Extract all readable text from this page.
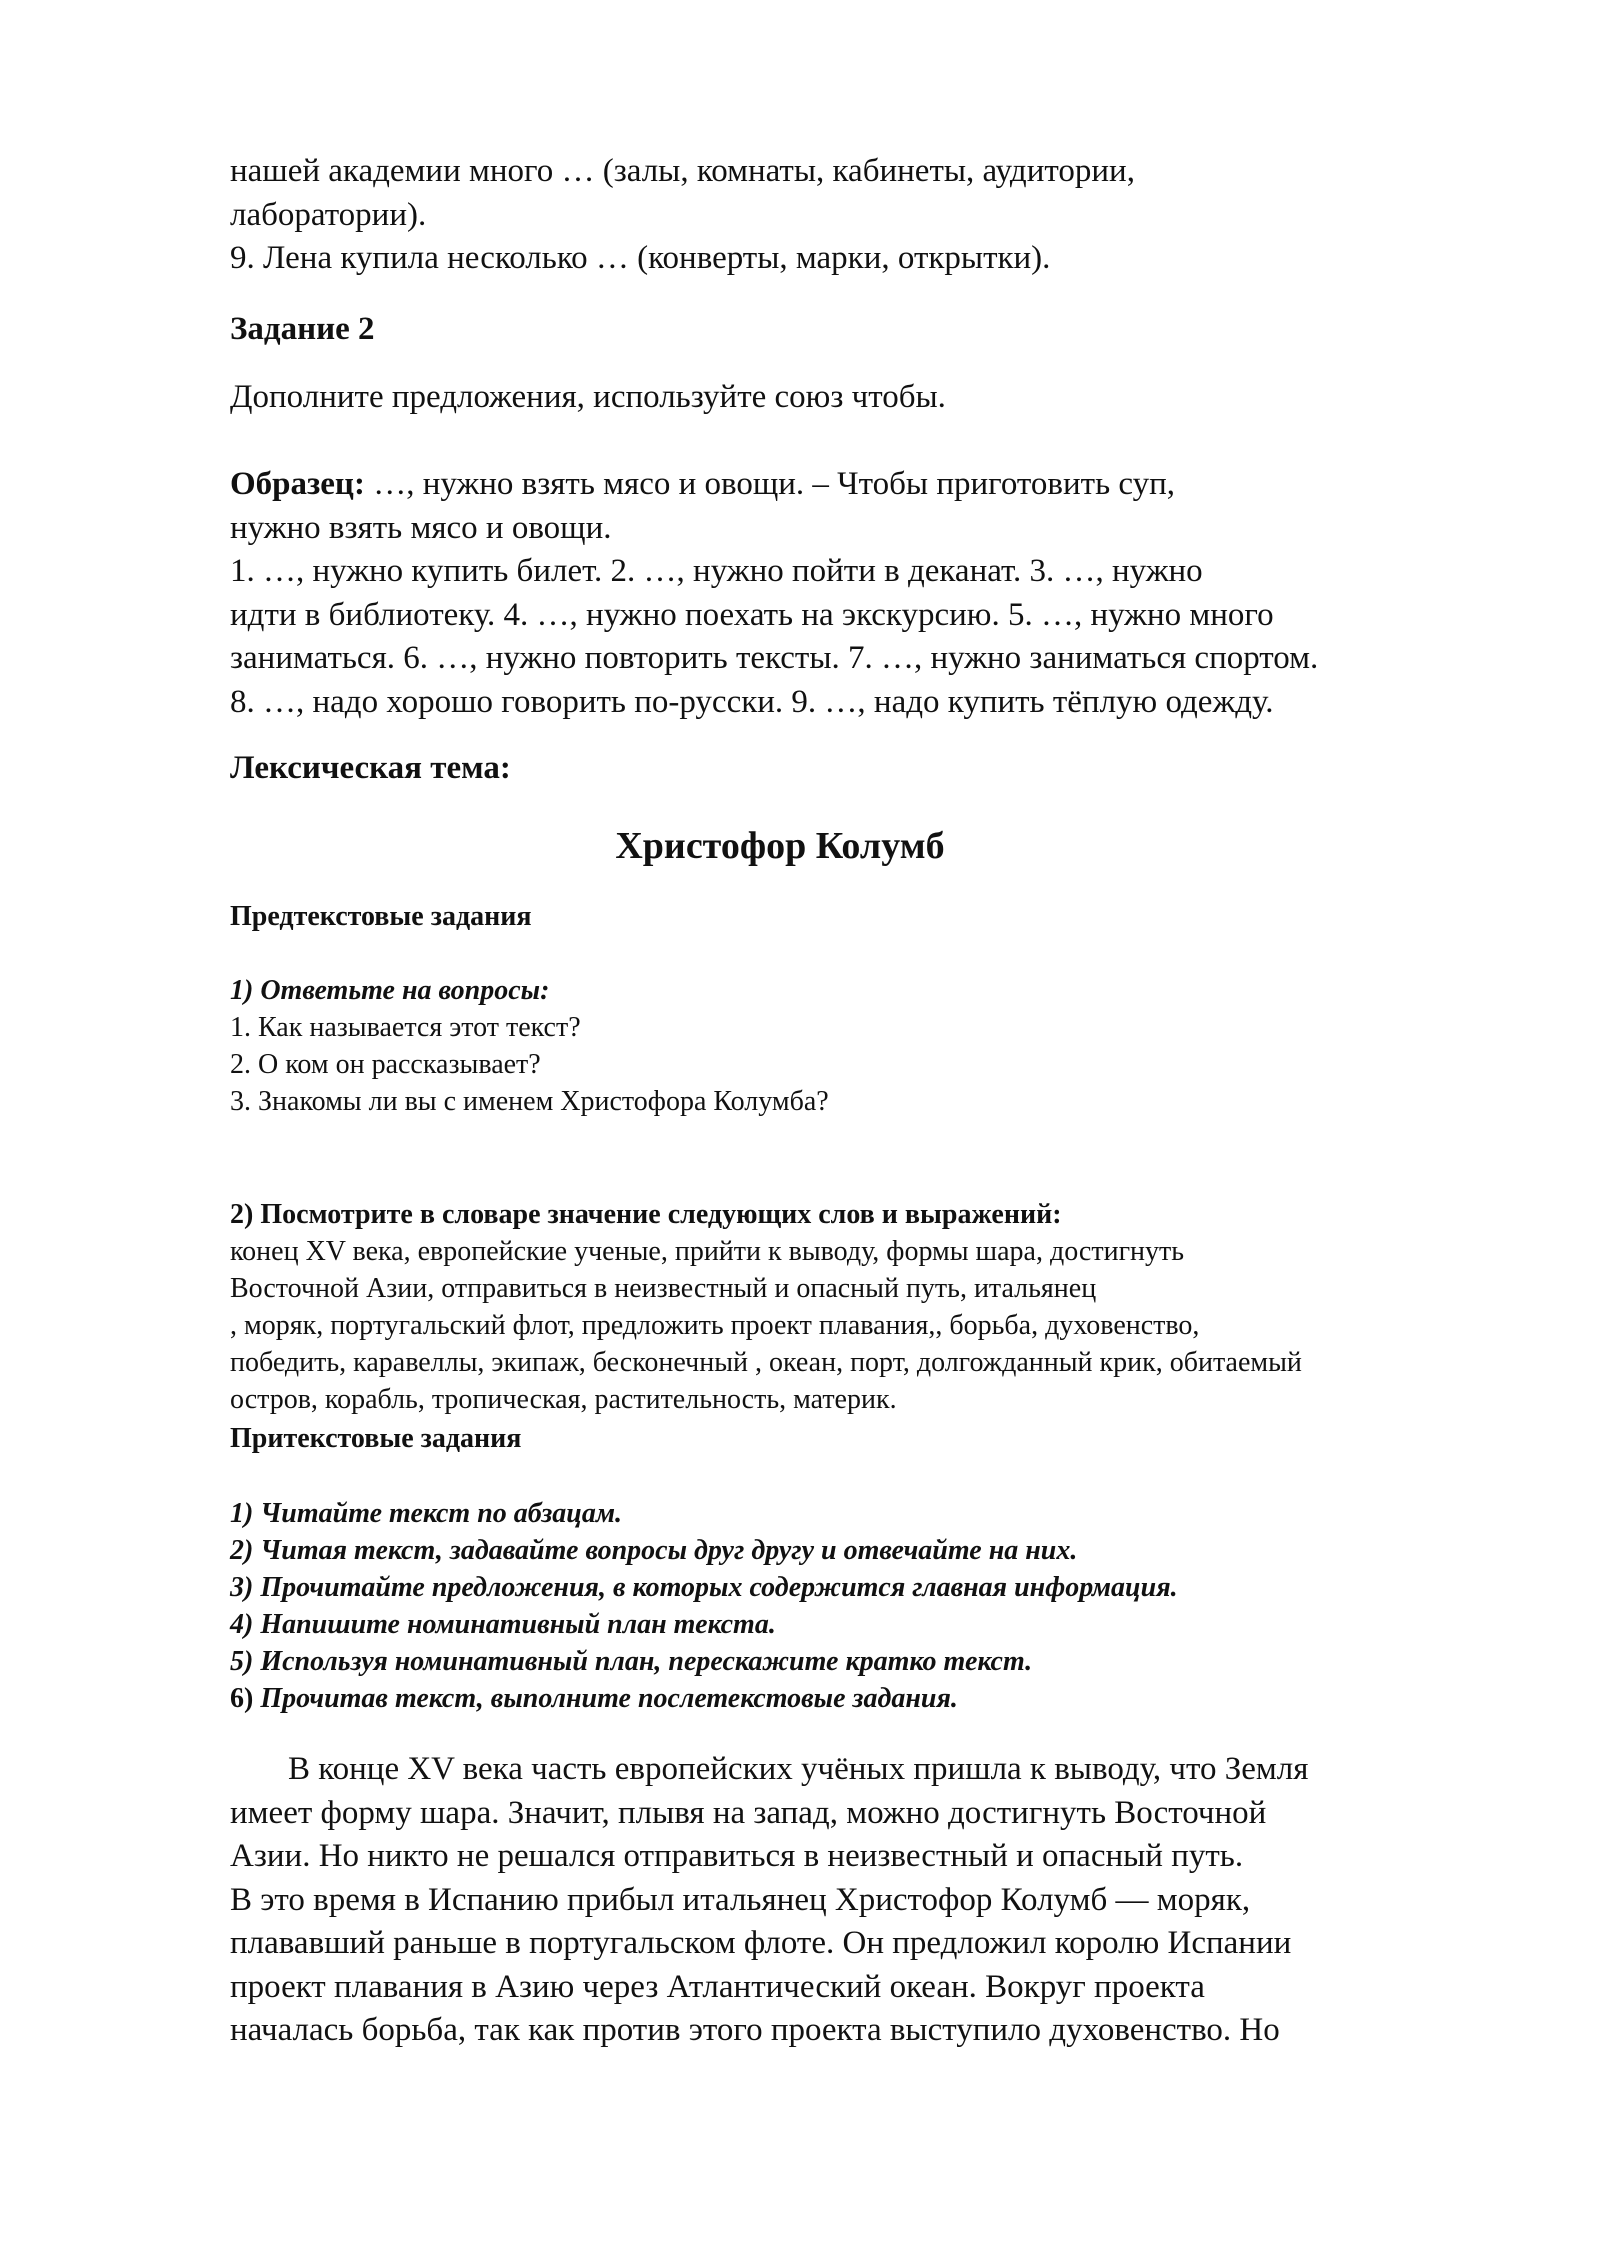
нашей академии много … (залы, комнаты, кабинеты, аудитории,

лаборатории).

9. Лена купила несколько … (конверты, марки, открытки).

Задание 2

Дополните предложения, используйте союз чтобы.

Образец: …, нужно взять мясо и овощи. – Чтобы приготовить суп,

нужно взять мясо и овощи.

1. …, нужно купить билет. 2. …, нужно пойти в деканат. 3. …, нужно

идти в библиотеку. 4. …, нужно поехать на экскурсию. 5. …, нужно много

заниматься. 6. …, нужно повторить тексты. 7. …, нужно заниматься спортом.

8. …, надо хорошо говорить по-русски. 9. …, надо купить тёплую одежду.

Лексическая тема:

Христофор Колумб

Предтекстовые задания

1) Ответьте на вопросы:

1. Как называется этот текст?

2. О ком он рассказывает?

3. Знакомы ли вы с именем Христофора Колумба?

2) Посмотрите в словаре значение следующих слов и выражений:

конец XV века, европейские ученые, прийти к выводу, формы шара, достигнуть

Восточной Азии, отправиться в неизвестный и опасный путь, итальянец

, моряк, португальский флот, предложить проект плавания,, борьба, духовенство,

победить, каравеллы, экипаж, бесконечный , океан, порт, долгожданный крик, обитаемый

остров, корабль, тропическая, растительность, материк.

Притекстовые задания

1) Читайте текст по абзацам.

2) Читая текст, задавайте вопросы друг другу и отвечайте на них.

3) Прочитайте предложения, в которых содержится главная информация.

4) Напишите номинативный план текста.

5) Используя номинативный план, перескажите кратко текст.

6) Прочитав текст, выполните послетекстовые задания.

В конце XV века часть европейских учёных пришла к выводу, что Земля

имеет форму шара. Значит, плывя на запад, можно достигнуть Восточной

Азии. Но никто не решался отправиться в неизвестный и опасный путь.

В это время в Испанию прибыл итальянец Христофор Колумб — моряк,

плававший раньше в португальском флоте. Он предложил королю Испании

проект плавания в Азию через Атлантический океан. Вокруг проекта

началась борьба, так как против этого проекта выступило духовенство. Но
